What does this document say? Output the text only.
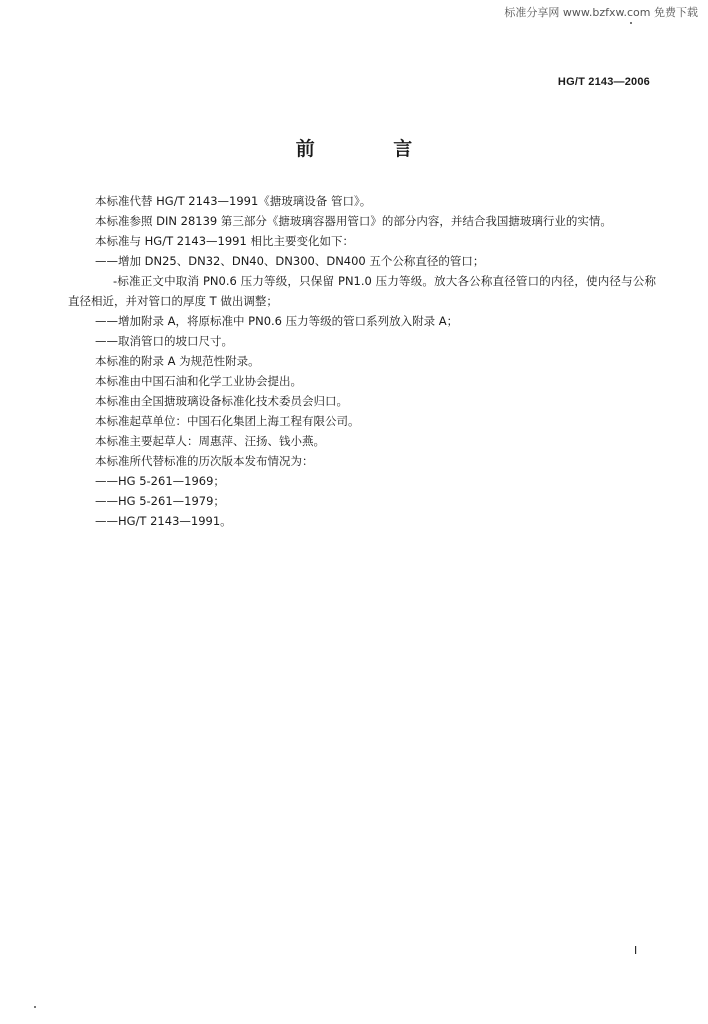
标准分享网 www.bzfxw.com 免费下载
HG/T 2143—2006
前 言

本标准代替 HG/T 2143—1991《搪玻璃设备 管口》。

本标准参照 DIN 28139 第三部分《搪玻璃容器用管口》的部分内容，并结合我国搪玻璃行业的实情。

本标准与 HG/T 2143—1991 相比主要变化如下：

——增加 DN25、DN32、DN40、DN300、DN400 五个公称直径的管口；

-标准正文中取消 PN0.6 压力等级，只保留 PN1.0 压力等级。放大各公称直径管口的内径，使内径与公称直径相近，并对管口的厚度 T 做出调整；

——增加附录 A，将原标准中 PN0.6 压力等级的管口系列放入附录 A；

——取消管口的坡口尺寸。

本标准的附录 A 为规范性附录。

本标准由中国石油和化学工业协会提出。

本标准由全国搪玻璃设备标准化技术委员会归口。

本标准起草单位：中国石化集团上海工程有限公司。

本标准主要起草人：周惠萍、汪扬、钱小燕。

本标准所代替标准的历次版本发布情况为：

——HG 5-261—1969；

——HG 5-261—1979；

——HG/T 2143—1991。

Ⅰ
